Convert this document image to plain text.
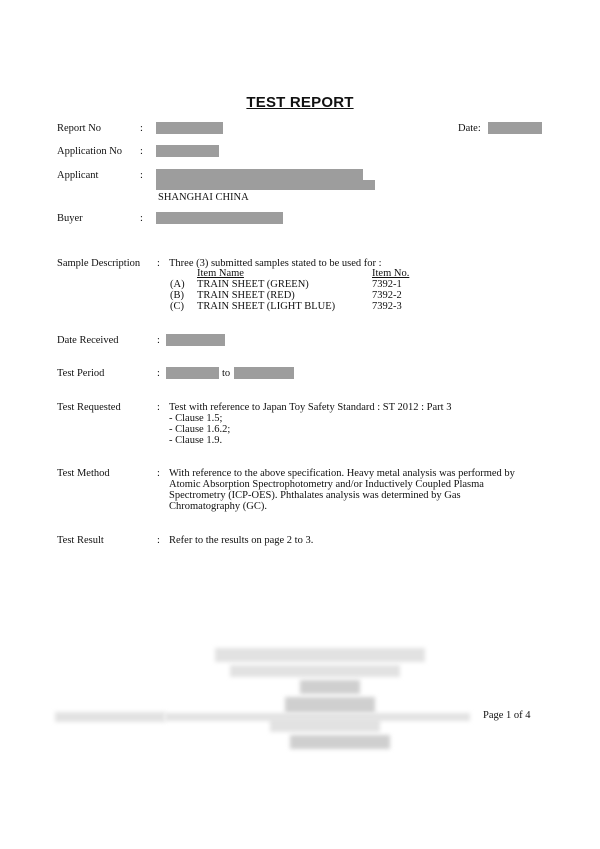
TEST REPORT
Report No	:	Date:
Application No :
Applicant	:
SHANGHAI CHINA
Buyer	:
Sample Description : Three (3) submitted samples stated to be used for :
Item Name	Item No.
(A) TRAIN SHEET (GREEN)	7392-1
(B) TRAIN SHEET (RED)	7392-2
(C) TRAIN SHEET (LIGHT BLUE)	7392-3
Date Received	:
Test Period	:	to
Test Requested	: Test with reference to Japan Toy Safety Standard : ST 2012 : Part 3
- Clause 1.5;
- Clause 1.6.2;
- Clause 1.9.
Test Method	: With reference to the above specification. Heavy metal analysis was performed by
Atomic Absorption Spectrophotometry and/or Inductively Coupled Plasma
Spectrometry (ICP-OES). Phthalates analysis was determined by Gas
Chromatography (GC).
Test Result	: Refer to the results on page 2 to 3.
Page 1 of 4
